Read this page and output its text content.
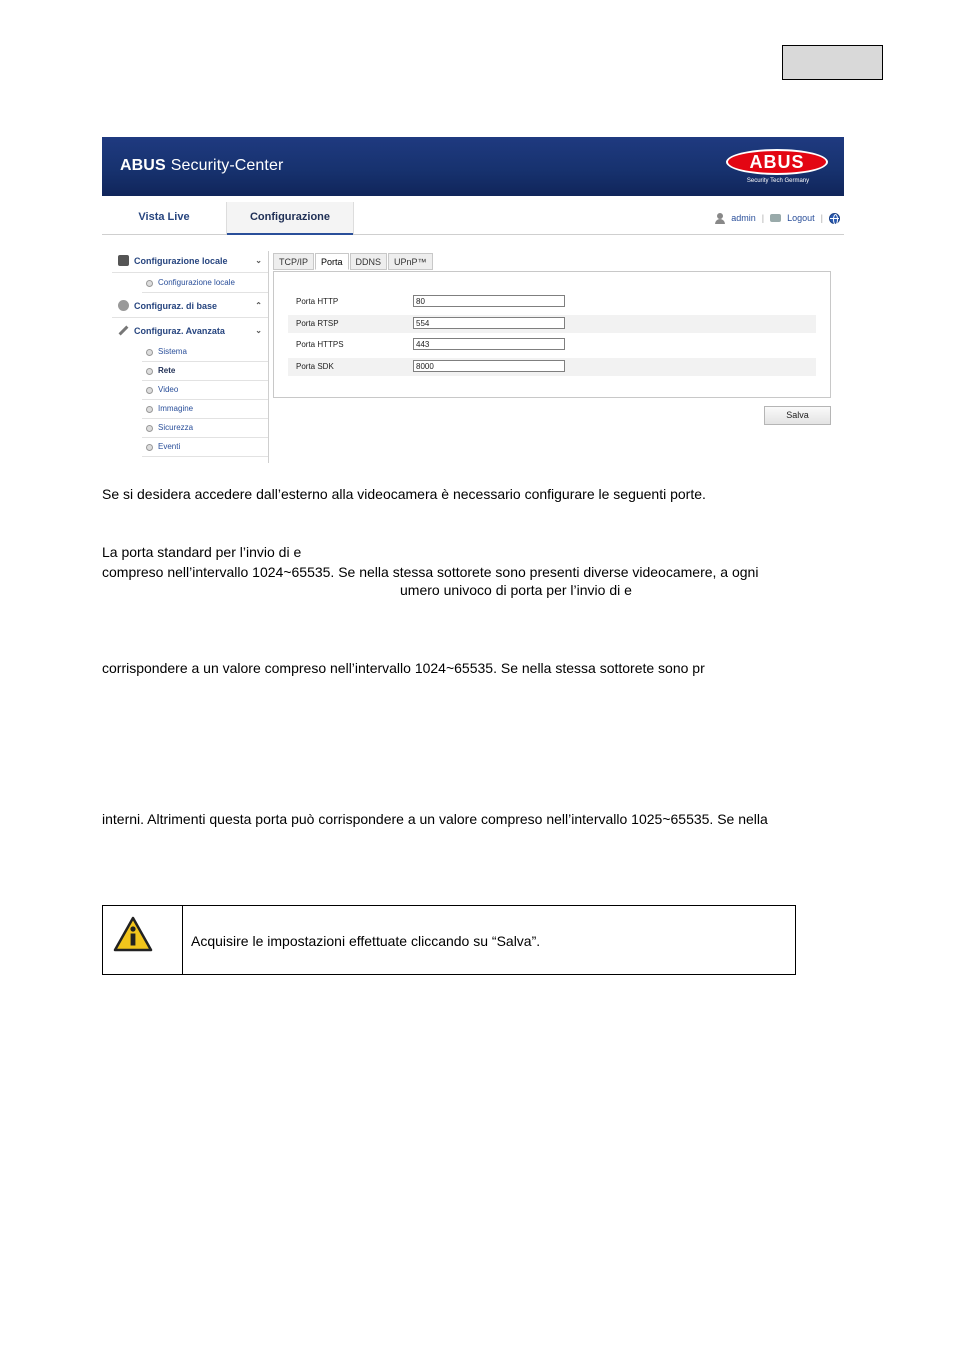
ABUS Security-Center	ABUS
Security Tech Germany
Vista Live	Configurazione	admin |	Logout |
Configurazione locale	⌄
Configurazione locale
Configuraz. di base	⌃
Configuraz. Avanzata	⌄
Sistema
Rete
Video
Immagine
Sicurezza
Eventi
TCP/IP	Porta	DDNS	UPnP™
Porta HTTP	80
Porta RTSP	554
Porta HTTPS	443
Porta SDK	8000
Salva
Se si desidera accedere dall’esterno alla videocamera è necessario configurare le seguenti porte.
La porta standard per l’invio di e
compreso nell’intervallo 1024~65535. Se nella stessa sottorete sono presenti diverse videocamere, a ogni
umero univoco di porta per l’invio di e
corrispondere a un valore compreso nell’intervallo 1024~65535. Se nella stessa sottorete sono pr
interni. Altrimenti questa porta può corrispondere a un valore compreso nell’intervallo 1025~65535. Se nella
Acquisire le impostazioni effettuate cliccando su “Salva”.
